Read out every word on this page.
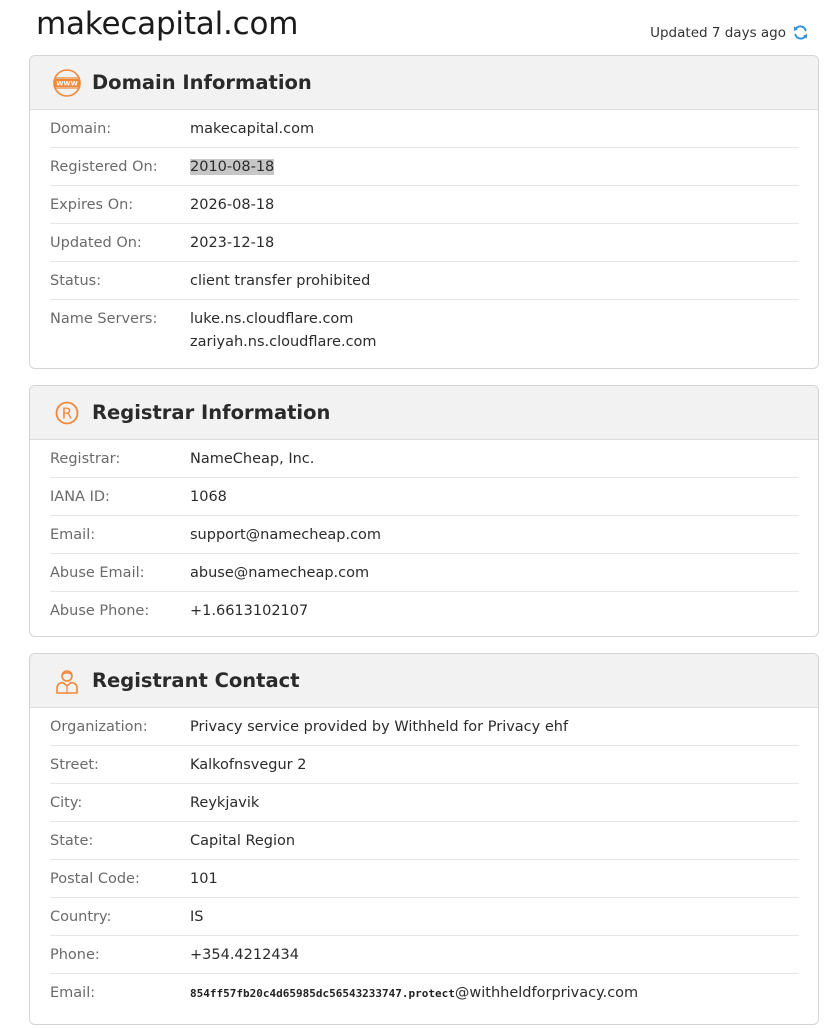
makecapital.com	Updated 7 days ago
WWW Domain Information
Domain:	makecapital.com
Registered On:	2010-08-18
Expires On:	2026-08-18
Updated On:	2023-12-18
Status:	client transfer prohibited
Name Servers:	luke.ns.cloudflare.com
zariyah.ns.cloudflare.com
R Registrar Information
Registrar:	NameCheap, Inc.
IANA ID:	1068
Email:	support@namecheap.com
Abuse Email:	abuse@namecheap.com
Abuse Phone:	+1.6613102107
Registrant Contact
Organization:	Privacy service provided by Withheld for Privacy ehf
Street:	Kalkofnsvegur 2
City:	Reykjavik
State:	Capital Region
Postal Code:	101
Country:	IS
Phone:	+354.4212434
Email:	854ff57fb20c4d65985dc56543233747.protect@withheldforprivacy.com
